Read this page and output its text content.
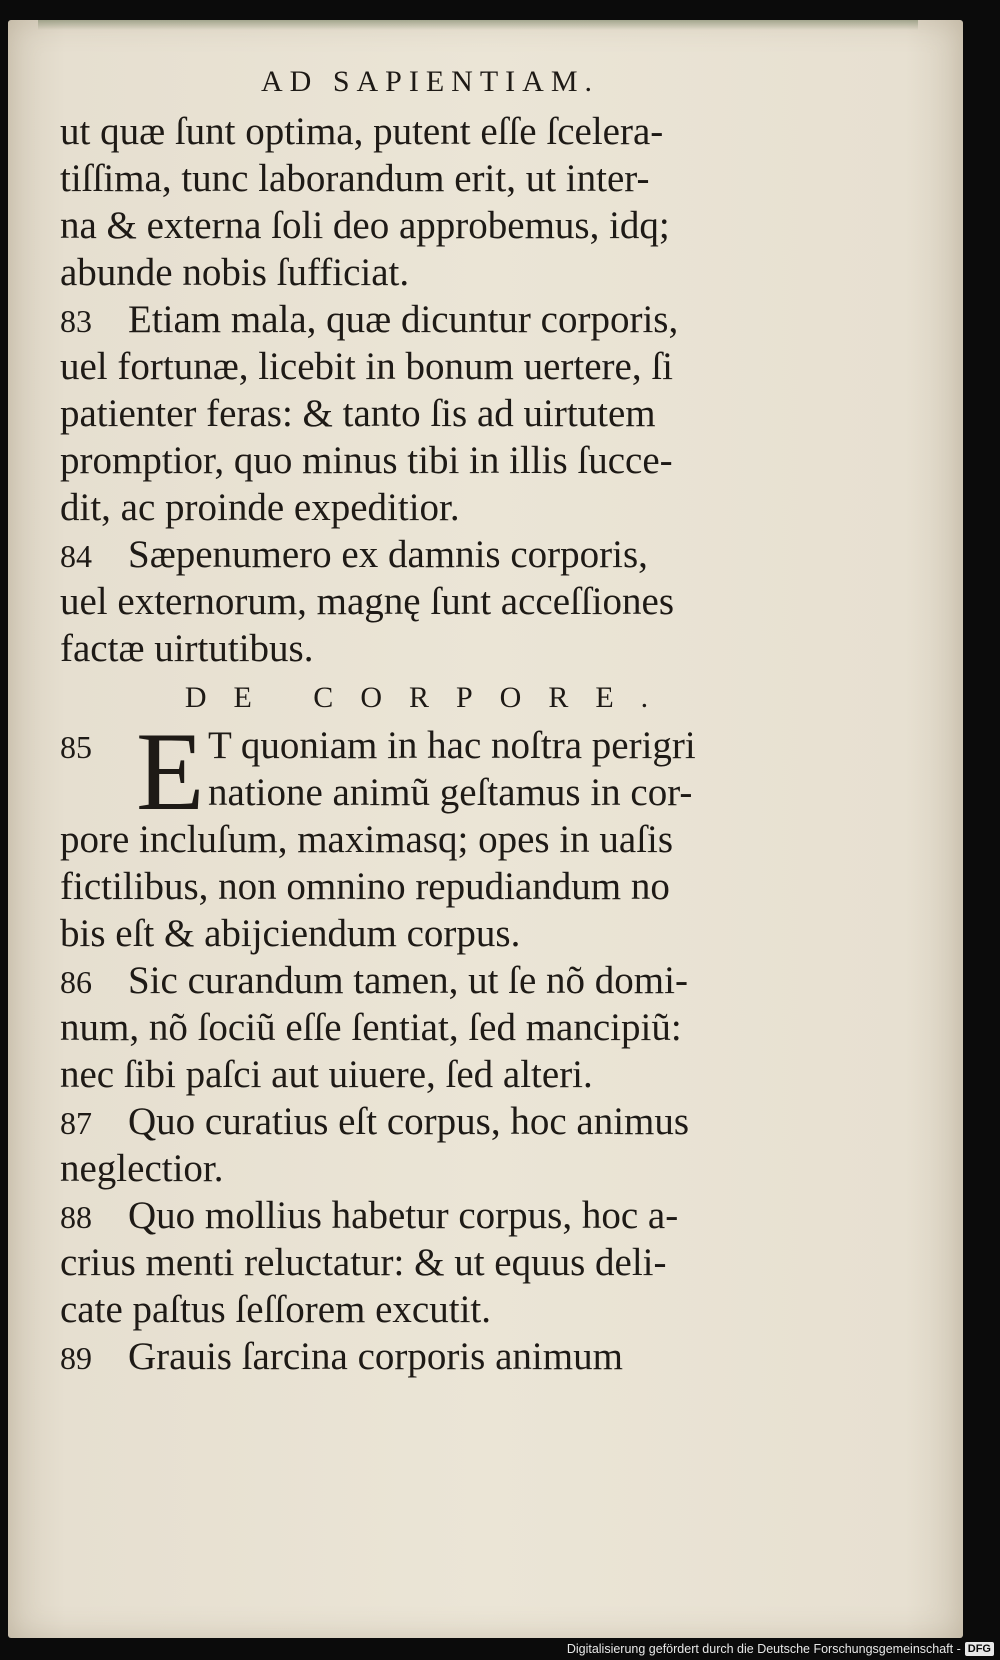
AD SAPIENTIAM.
ut quæ ſunt optima, putent eſſe ſcelera-
tiſſima, tunc laborandum erit, ut inter-
na & externa ſoli deo approbemus, idq;
abunde nobis ſufficiat.
83 Etiam mala, quæ dicuntur corporis,
uel fortunæ, licebit in bonum uertere, ſi
patienter feras: & tanto ſis ad uirtutem
promptior, quo minus tibi in illis ſucce-
dit, ac proinde expeditior.
84 Sæpenumero ex damnis corporis,
uel externorum, magnę ſunt acceſſiones
factæ uirtutibus.
DE CORPORE.
E
85	T quoniam in hac noſtra perigri
natione animũ geſtamus in cor-
pore incluſum, maximasq; opes in uaſis
fictilibus, non omnino repudiandum no
bis eſt & abijciendum corpus.
86 Sic curandum tamen, ut ſe nõ domi-
num, nõ ſociũ eſſe ſentiat, ſed mancipiũ:
nec ſibi paſci aut uiuere, ſed alteri.
87 Quo curatius eſt corpus, hoc animus
neglectior.
88 Quo mollius habetur corpus, hoc a-
crius menti reluctatur: & ut equus deli-
cate paſtus ſeſſorem excutit.
89 Grauis ſarcina corporis animum
Digitalisierung gefördert durch die Deutsche Forschungsgemeinschaft - DFG
